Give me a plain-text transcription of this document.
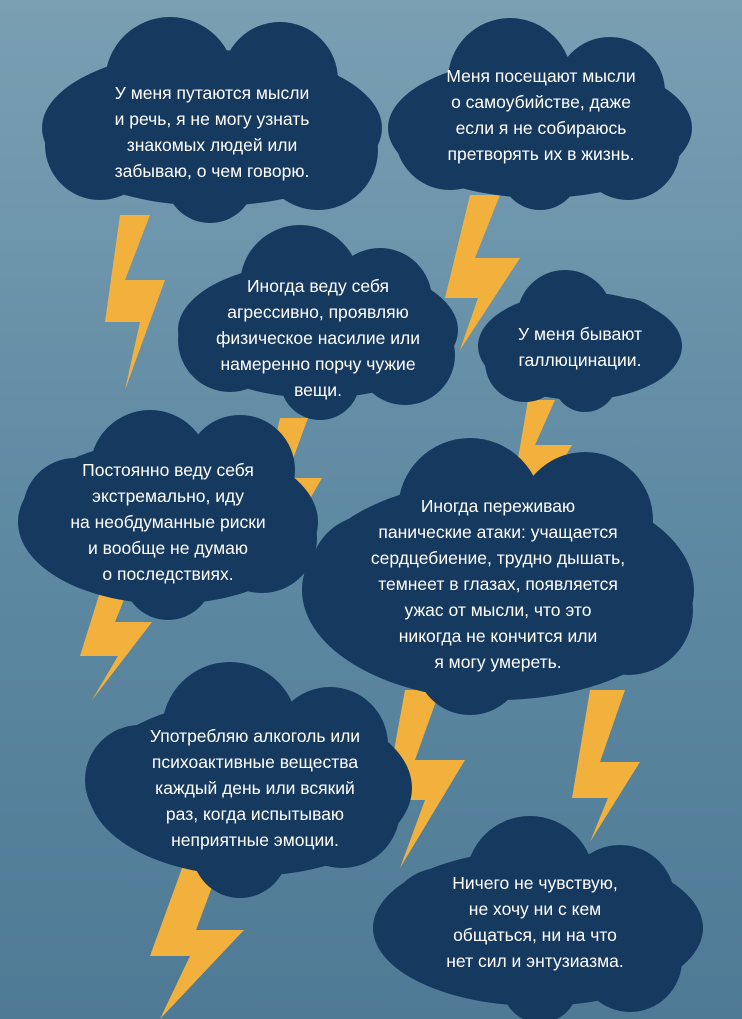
У меня путаются мысли
и речь, я не могу узнать
знакомых людей или
забываю, о чем говорю.

Меня посещают мысли
о самоубийстве, даже
если я не собираюсь
претворять их в жизнь.

Иногда веду себя
агрессивно, проявляю
физическое насилие или
намеренно порчу чужие
вещи.

У меня бывают
галлюцинации.

Постоянно веду себя
экстремально, иду
на необдуманные риски
и вообще не думаю
о последствиях.

Иногда переживаю
панические атаки: учащается
сердцебиение, трудно дышать,
темнеет в глазах, появляется
ужас от мысли, что это
никогда не кончится или
я могу умереть.

Употребляю алкоголь или
психоактивные вещества
каждый день или всякий
раз, когда испытываю
неприятные эмоции.

Ничего не чувствую,
не хочу ни с кем
общаться, ни на что
нет сил и энтузиазма.
